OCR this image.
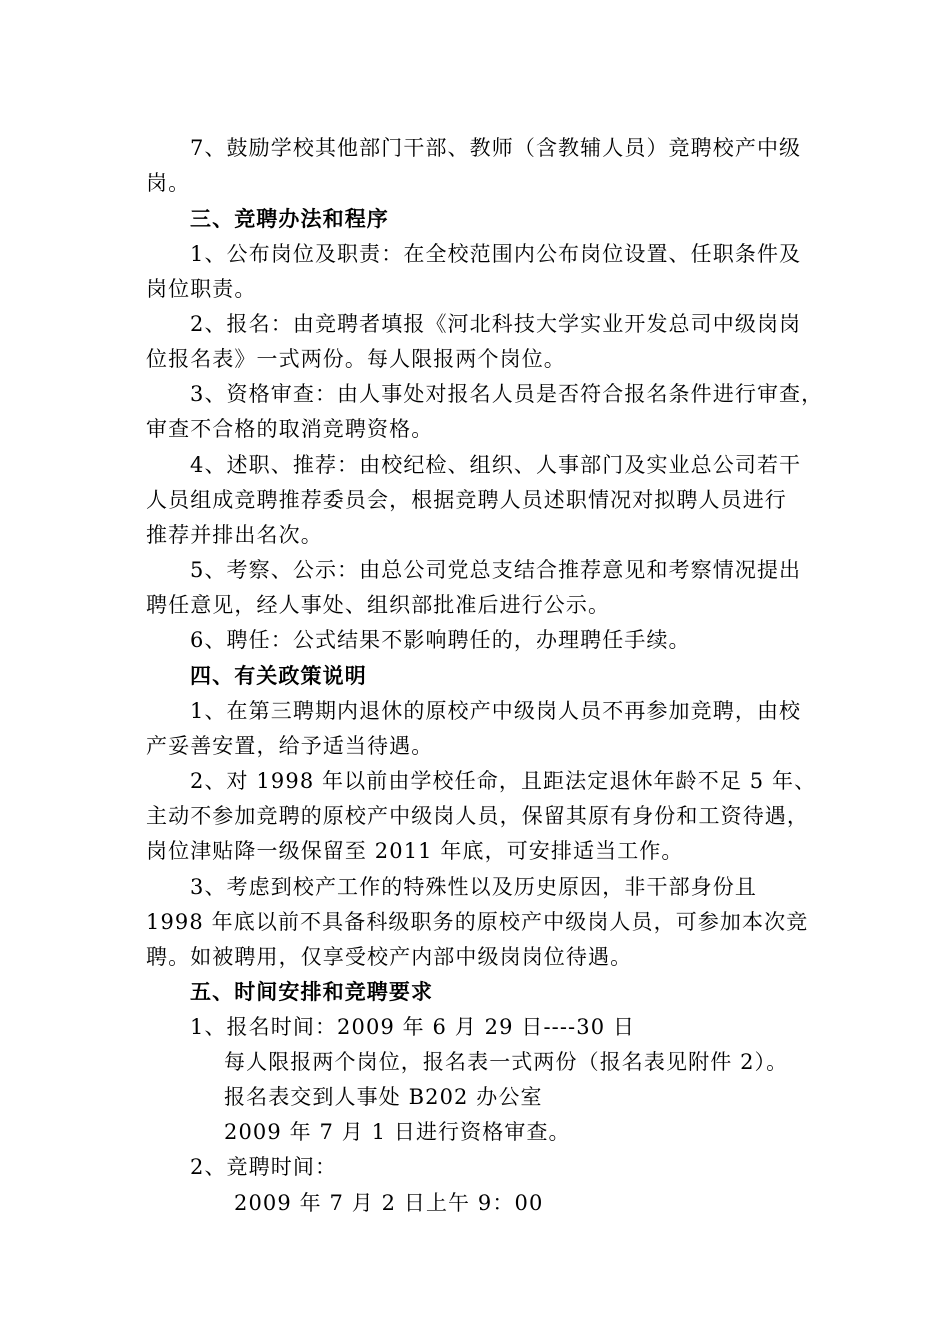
7、鼓励学校其他部门干部、教师（含教辅人员）竞聘校产中级
岗。
三、竞聘办法和程序
1、公布岗位及职责：在全校范围内公布岗位设置、任职条件及
岗位职责。
2、报名：由竞聘者填报《河北科技大学实业开发总司中级岗岗
位报名表》一式两份。每人限报两个岗位。
3、资格审查：由人事处对报名人员是否符合报名条件进行审查，
审查不合格的取消竞聘资格。
4、述职、推荐：由校纪检、组织、人事部门及实业总公司若干
人员组成竞聘推荐委员会，根据竞聘人员述职情况对拟聘人员进行
推荐并排出名次。
5、考察、公示：由总公司党总支结合推荐意见和考察情况提出
聘任意见，经人事处、组织部批准后进行公示。
6、聘任：公式结果不影响聘任的，办理聘任手续。
四、有关政策说明
1、在第三聘期内退休的原校产中级岗人员不再参加竞聘，由校
产妥善安置，给予适当待遇。
2、对 1998 年以前由学校任命，且距法定退休年龄不足 5 年、
主动不参加竞聘的原校产中级岗人员，保留其原有身份和工资待遇，
岗位津贴降一级保留至 2011 年底，可安排适当工作。
3、考虑到校产工作的特殊性以及历史原因，非干部身份且
1998 年底以前不具备科级职务的原校产中级岗人员，可参加本次竞
聘。如被聘用，仅享受校产内部中级岗岗位待遇。
五、时间安排和竞聘要求
1、报名时间：2009 年 6 月 29 日----30 日
每人限报两个岗位，报名表一式两份（报名表见附件 2）。
报名表交到人事处 B202 办公室
2009 年 7 月 1 日进行资格审查。
2、竞聘时间：
2009 年 7 月 2 日上午 9：00
